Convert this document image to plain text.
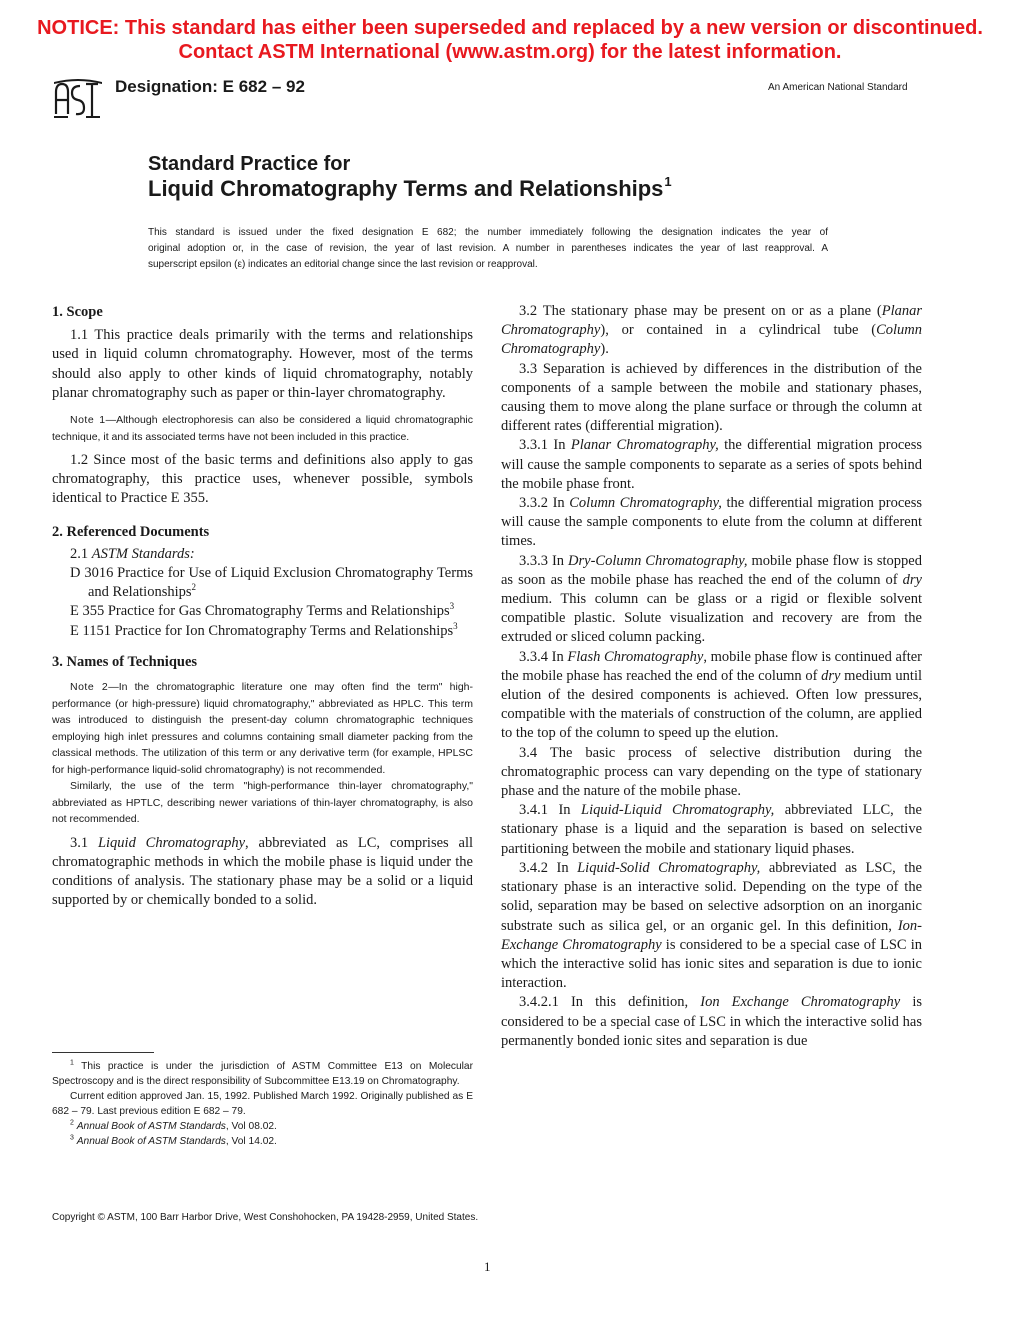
NOTICE: This standard has either been superseded and replaced by a new version or discontinued.
Contact ASTM International (www.astm.org) for the latest information.
Designation: E 682 – 92	An American National Standard
Standard Practice for
Liquid Chromatography Terms and Relationships$^1$

This standard is issued under the fixed designation E 682; the number immediately following the designation indicates the year of

original adoption or, in the case of revision, the year of last revision. A number in parentheses indicates the year of last reapproval. A

superscript epsilon (ε) indicates an editorial change since the last revision or reapproval.

1. Scope

1.1 This practice deals primarily with the terms and relationships used in liquid column chromatography. However, most of the terms should also apply to other kinds of liquid chromatography, notably planar chromatography such as paper or thin-layer chromatography.

Note 1—Although electrophoresis can also be considered a liquid chromatographic technique, it and its associated terms have not been included in this practice.

1.2 Since most of the basic terms and definitions also apply to gas chromatography, this practice uses, whenever possible, symbols identical to Practice E 355.

2. Referenced Documents

2.1 ASTM Standards:

D 3016 Practice for Use of Liquid Exclusion Chromatography Terms and Relationships$^2$

E 355 Practice for Gas Chromatography Terms and Relationships$^3$

E 1151 Practice for Ion Chromatography Terms and Relationships$^3$

3. Names of Techniques

Note 2—In the chromatographic literature one may often find the term" high-performance (or high-pressure) liquid chromatography," abbreviated as HPLC. This term was introduced to distinguish the present-day column chromatographic techniques employing high inlet pressures and columns containing small diameter packing from the classical methods. The utilization of this term or any derivative term (for example, HPLSC for high-performance liquid-solid chromatography) is not recommended.

Similarly, the use of the term "high-performance thin-layer chromatography," abbreviated as HPTLC, describing newer variations of thin-layer chromatography, is also not recommended.

3.1 Liquid Chromatography, abbreviated as LC, comprises all chromatographic methods in which the mobile phase is liquid under the conditions of analysis. The stationary phase may be a solid or a liquid supported by or chemically bonded to a solid.

3.2 The stationary phase may be present on or as a plane (Planar Chromatography), or contained in a cylindrical tube (Column Chromatography).

3.3 Separation is achieved by differences in the distribution of the components of a sample between the mobile and stationary phases, causing them to move along the plane surface or through the column at different rates (differential migration).

3.3.1 In Planar Chromatography, the differential migration process will cause the sample components to separate as a series of spots behind the mobile phase front.

3.3.2 In Column Chromatography, the differential migration process will cause the sample components to elute from the column at different times.

3.3.3 In Dry-Column Chromatography, mobile phase flow is stopped as soon as the mobile phase has reached the end of the column of dry medium. This column can be glass or a rigid or flexible solvent compatible plastic. Solute visualization and recovery are from the extruded or sliced column packing.

3.3.4 In Flash Chromatography, mobile phase flow is continued after the mobile phase has reached the end of the column of dry medium until elution of the desired components is achieved. Often low pressures, compatible with the materials of construction of the column, are applied to the top of the column to speed up the elution.

3.4 The basic process of selective distribution during the chromatographic process can vary depending on the type of stationary phase and the nature of the mobile phase.

3.4.1 In Liquid-Liquid Chromatography, abbreviated LLC, the stationary phase is a liquid and the separation is based on selective partitioning between the mobile and stationary liquid phases.

3.4.2 In Liquid-Solid Chromatography, abbreviated as LSC, the stationary phase is an interactive solid. Depending on the type of the solid, separation may be based on selective adsorption on an inorganic substrate such as silica gel, or an organic gel. In this definition, Ion-Exchange Chromatography is considered to be a special case of LSC in which the interactive solid has ionic sites and separation is due to ionic interaction.

3.4.2.1 In this definition, Ion Exchange Chromatography is considered to be a special case of LSC in which the interactive solid has permanently bonded ionic sites and separation is due

$^1$ This practice is under the jurisdiction of ASTM Committee E13 on Molecular Spectroscopy and is the direct responsibility of Subcommittee E13.19 on Chromatography.

Current edition approved Jan. 15, 1992. Published March 1992. Originally published as E 682 – 79. Last previous edition E 682 – 79.

$^2$ Annual Book of ASTM Standards, Vol 08.02.

$^3$ Annual Book of ASTM Standards, Vol 14.02.

Copyright © ASTM, 100 Barr Harbor Drive, West Conshohocken, PA 19428-2959, United States.
1
